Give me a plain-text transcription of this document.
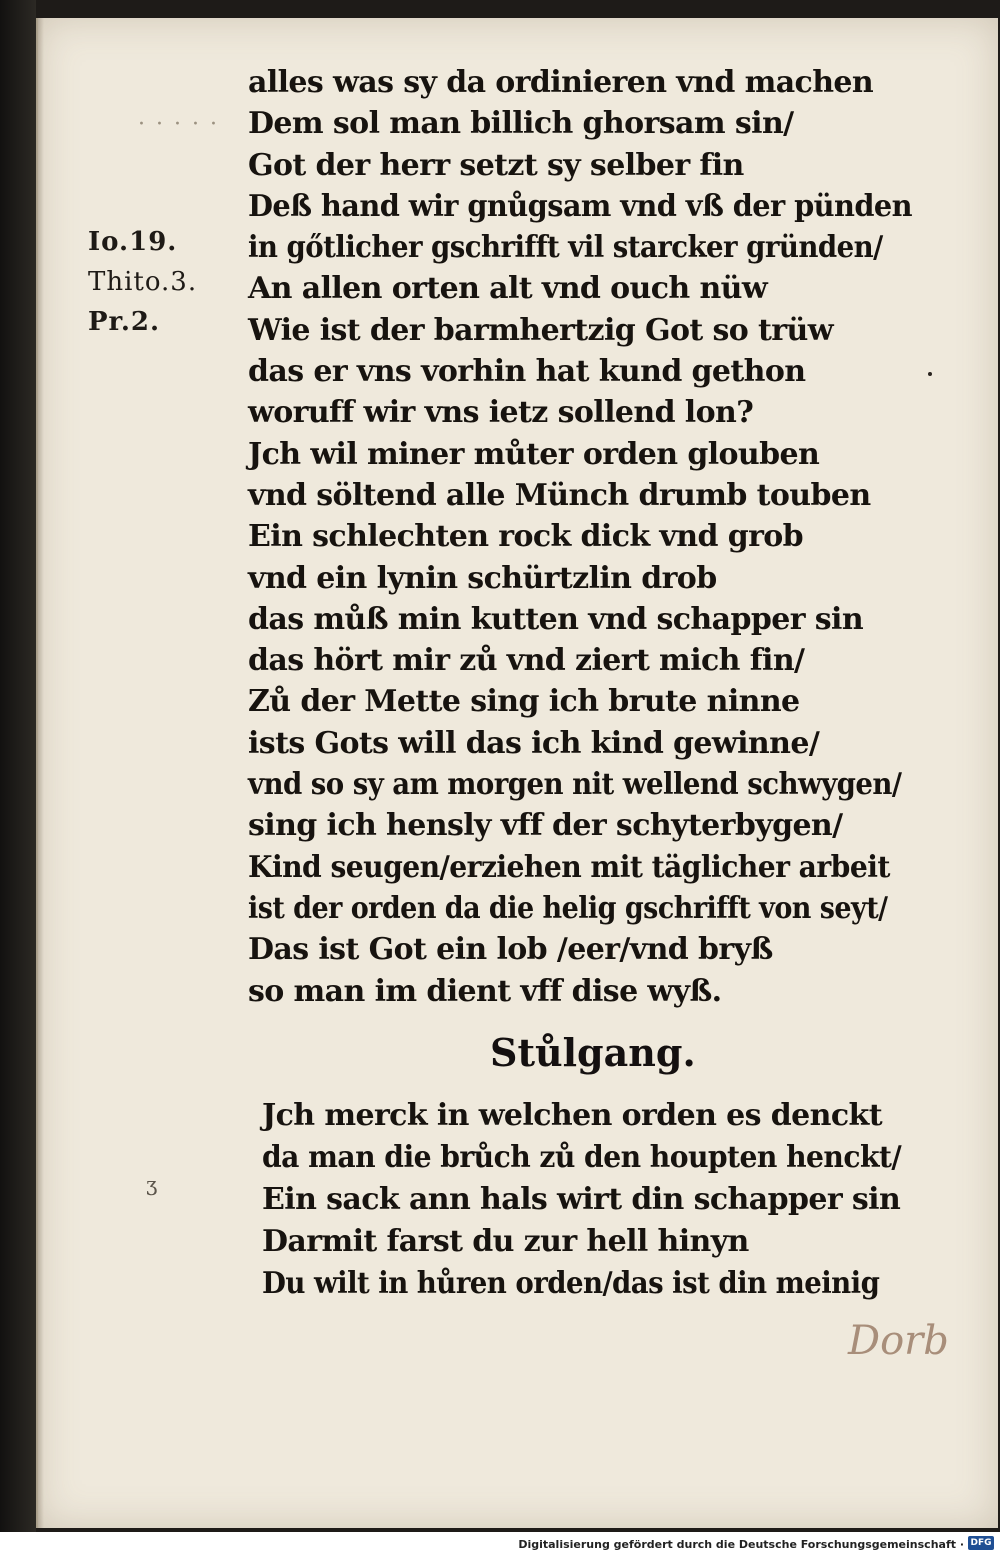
· · · · ·
Io.19.
Thito.3.
Pr.2.
alles was sy da ordinieren vnd machen
Dem sol man billich ghorsam sin/
Got der herr setzt sy selber fin
Deß hand wir gnůgsam vnd vß der pünden
in gőtlicher gschrifft vil starcker gründen/
An allen orten alt vnd ouch nüw
Wie ist der barmhertzig Got so trüw
das er vns vorhin hat kund gethon
woruff wir vns ietz sollend lon?
Jch wil miner můter orden glouben
vnd söltend alle Münch drumb touben
Ein schlechten rock dick vnd grob
vnd ein lynin schürtzlin drob
das můß min kutten vnd schapper sin
das hört mir zů vnd ziert mich fin/
Zů der Mette sing ich brute ninne
ists Gots will das ich kind gewinne/
vnd so sy am morgen nit wellend schwygen/
sing ich hensly vff der schyterbygen/
Kind seugen/erziehen mit täglicher arbeit
ist der orden da die helig gschrifft von seyt/
Das ist Got ein lob /eer/vnd bryß
so man im dient vff dise wyß.
Stůlgang.
ʒ
Jch merck in welchen orden es denckt
da man die brůch zů den houpten henckt/
Ein sack ann hals wirt din schapper sin
Darmit farst du zur hell hinyn
Du wilt in hůren orden/das ist din meinig
Dorb
Digitalisierung gefördert durch die Deutsche Forschungsgemeinschaft · DFG
